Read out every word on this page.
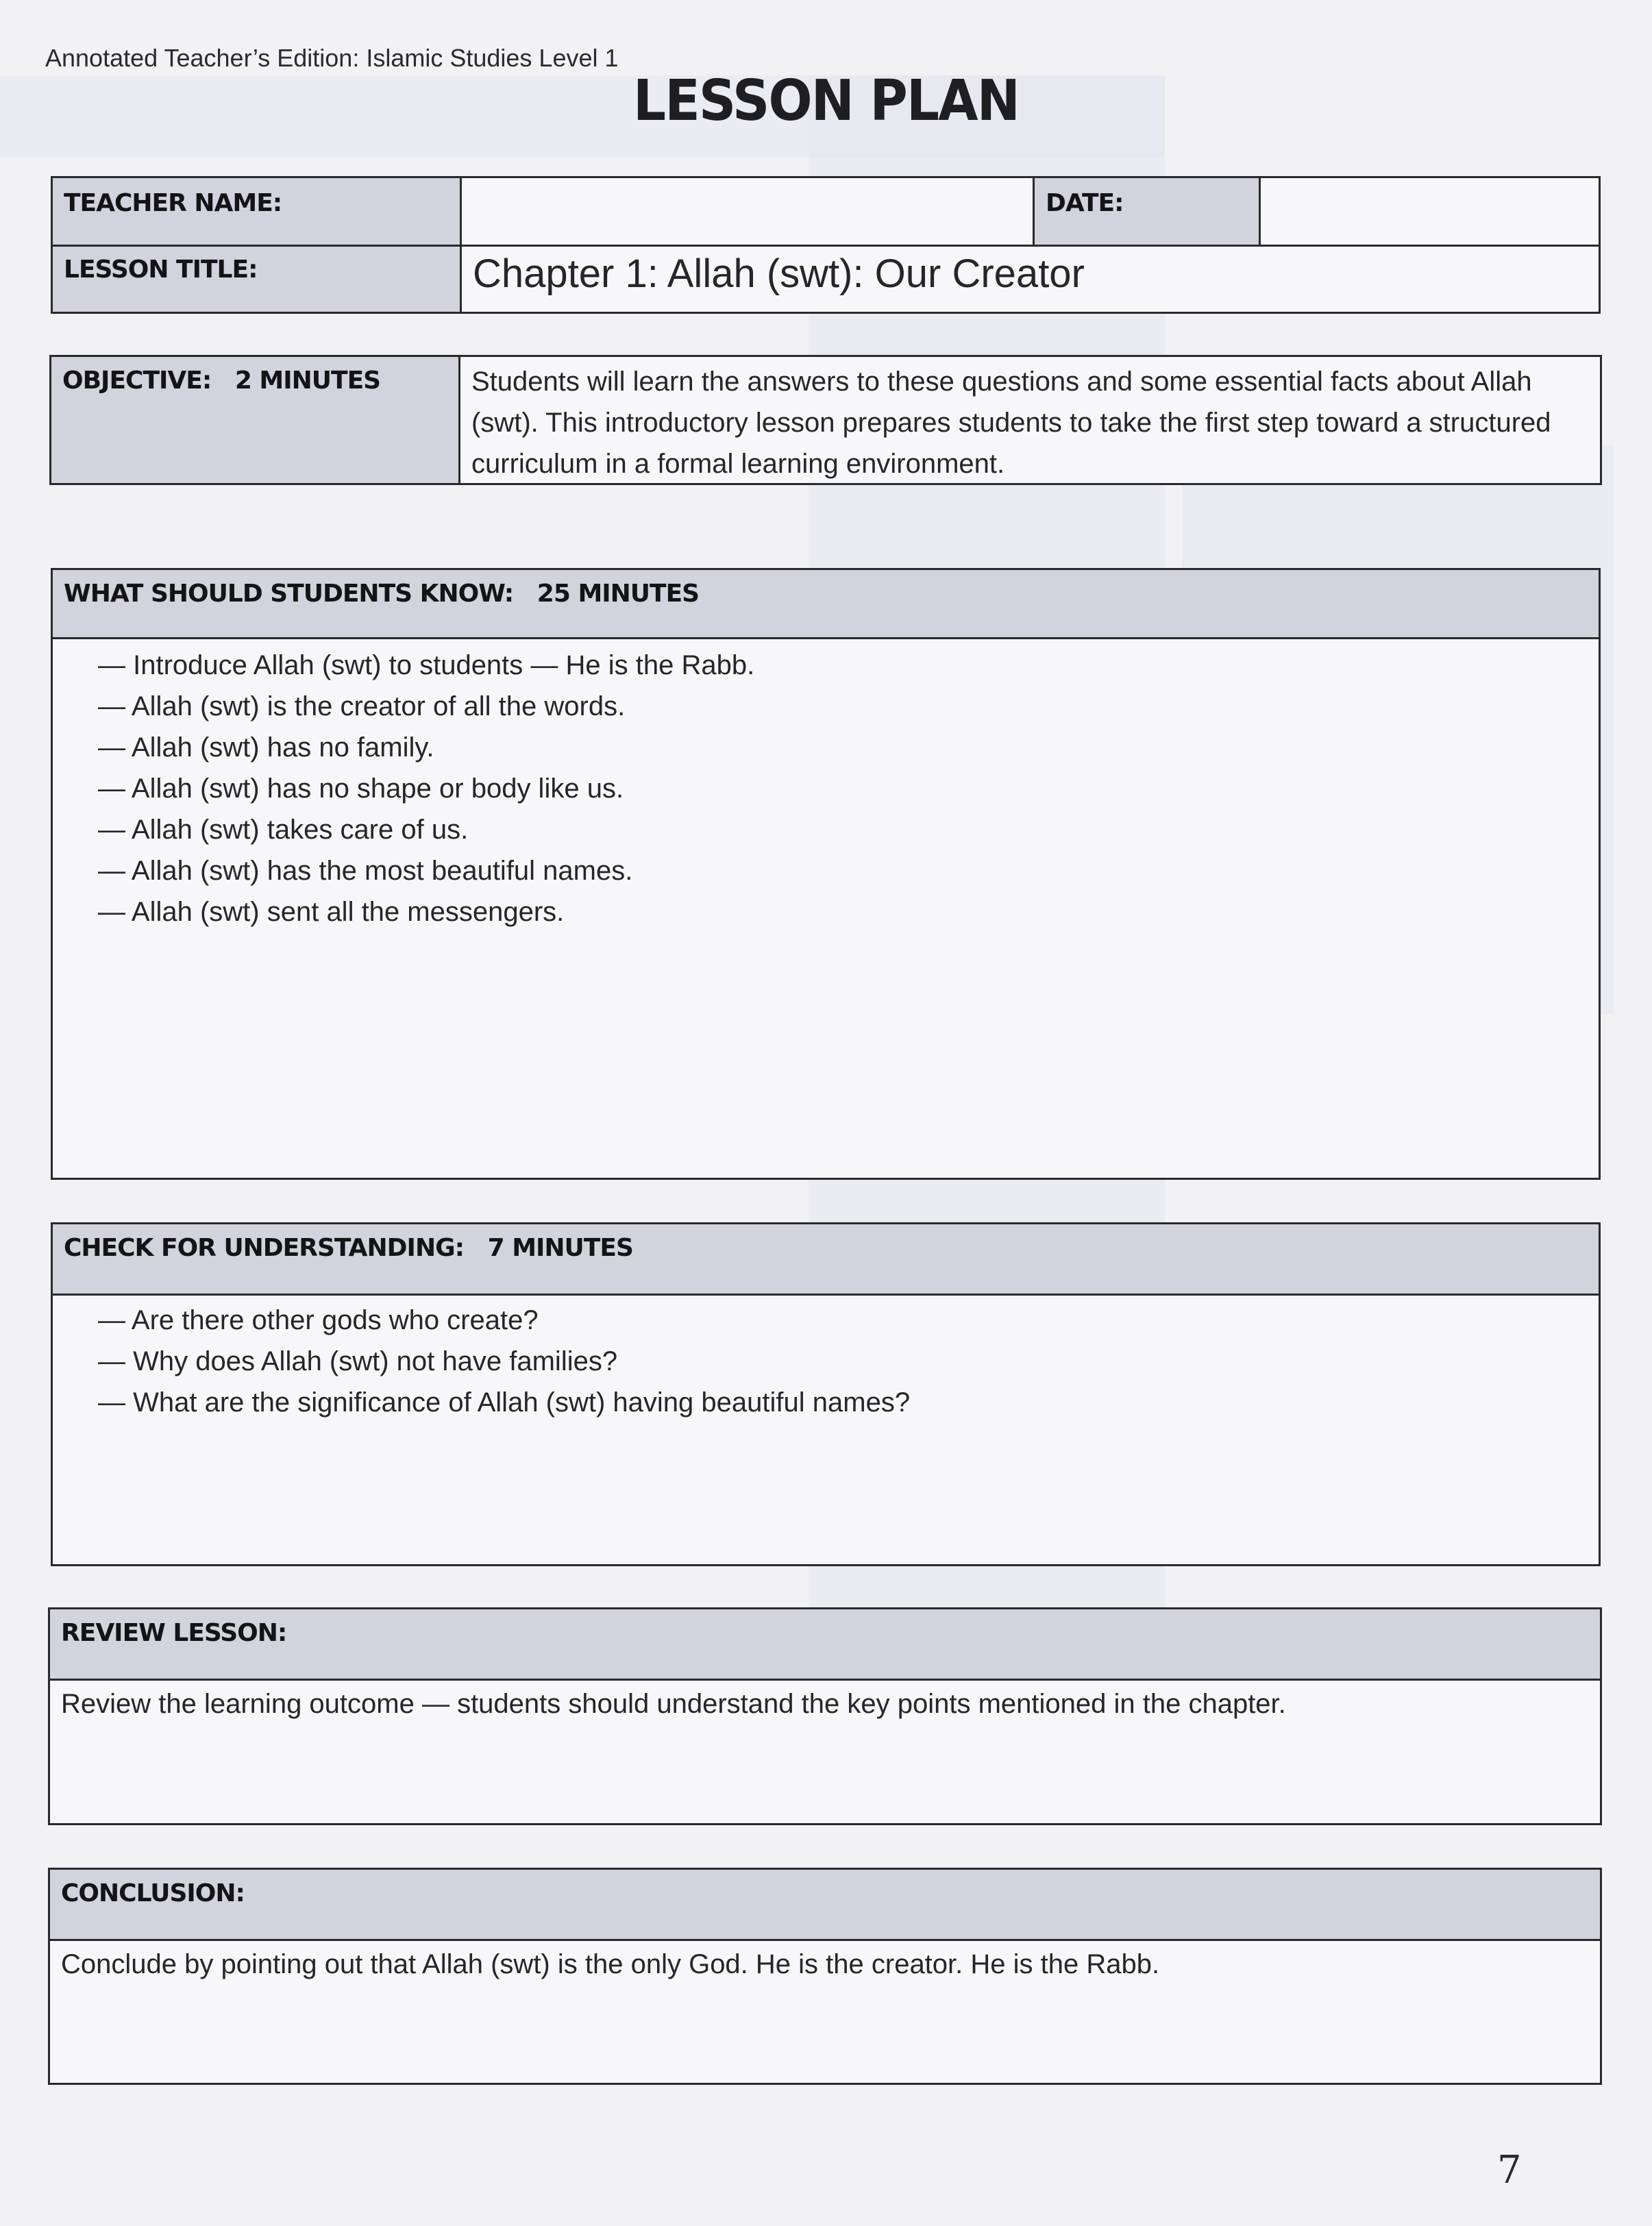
Annotated Teacher’s Edition: Islamic Studies Level 1
LESSON PLAN
TEACHER NAME:	DATE:
LESSON TITLE:	Chapter 1: Allah (swt): Our Creator
OBJECTIVE:   2 MINUTES	Students will learn the answers to these questions and some essential facts about Allah (swt). This introductory lesson prepares students to take the first step toward a structured curriculum in a formal learning environment.
WHAT SHOULD STUDENTS KNOW:   25 MINUTES
— Introduce Allah (swt) to students — He is the Rabb.
— Allah (swt) is the creator of all the words.
— Allah (swt) has no family.
— Allah (swt) has no shape or body like us.
— Allah (swt) takes care of us.
— Allah (swt) has the most beautiful names.
— Allah (swt) sent all the messengers.
CHECK FOR UNDERSTANDING:   7 MINUTES
— Are there other gods who create?
— Why does Allah (swt) not have families?
— What are the significance of Allah (swt) having beautiful names?
REVIEW LESSON:
Review the learning outcome — students should understand the key points mentioned in the chapter.
CONCLUSION:
Conclude by pointing out that Allah (swt) is the only God. He is the creator. He is the Rabb.
7
